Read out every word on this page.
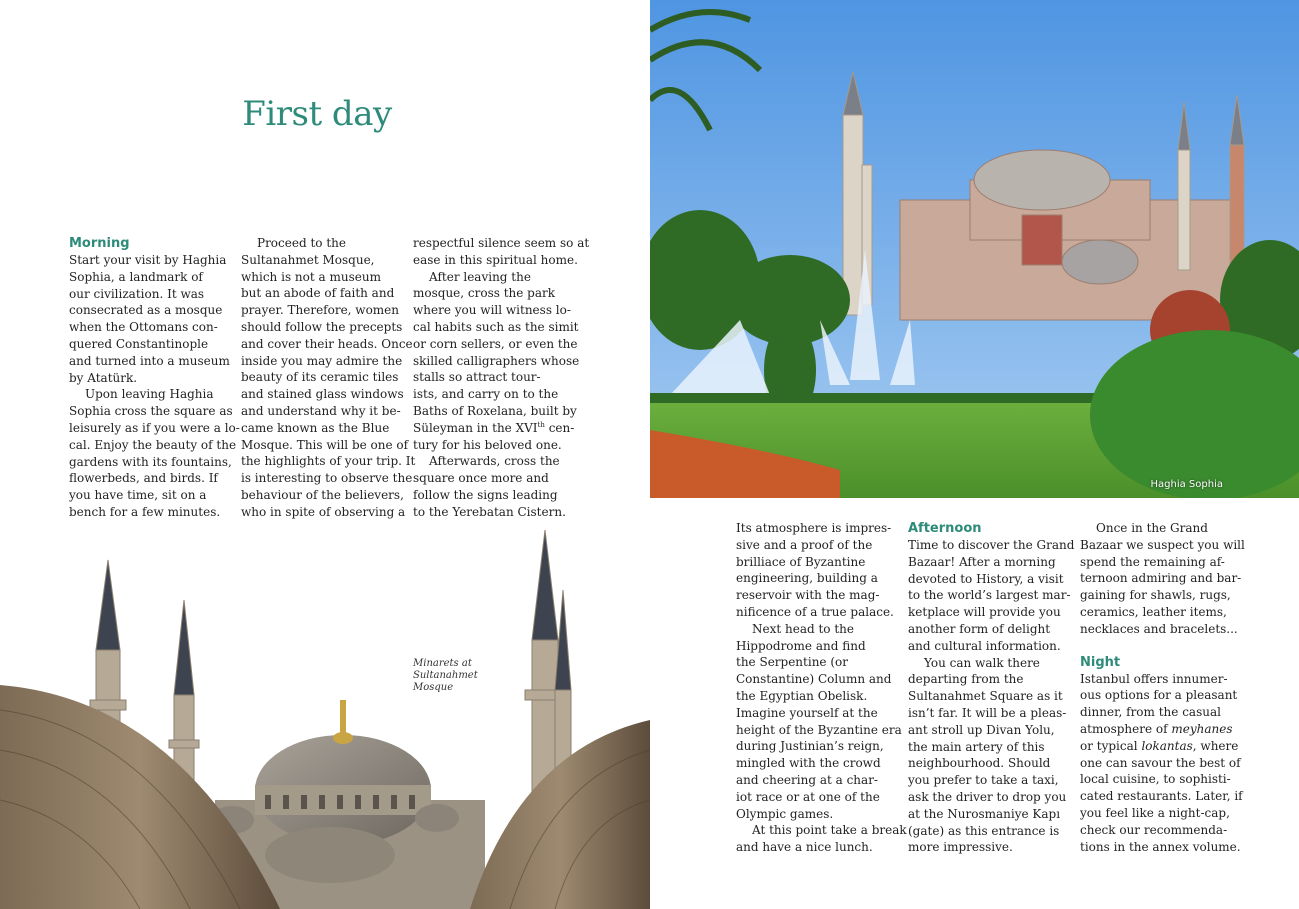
First day
Morning
Start your visit by Haghia
Sophia, a landmark of
our civilization. It was
consecrated as a mosque
when the Ottomans con-
quered Constantinople
and turned into a museum
by Atatürk.
Upon leaving Haghia
Sophia cross the square as
leisurely as if you were a lo-
cal. Enjoy the beauty of the
gardens with its fountains,
flowerbeds, and birds. If
you have time, sit on a
bench for a few minutes.
Proceed to the
Sultanahmet Mosque,
which is not a museum
but an abode of faith and
prayer. Therefore, women
should follow the precepts
and cover their heads. Once
inside you may admire the
beauty of its ceramic tiles
and stained glass windows
and understand why it be-
came known as the Blue
Mosque. This will be one of
the highlights of your trip. It
is interesting to observe the
behaviour of the believers,
who in spite of observing a
respectful silence seem so at
ease in this spiritual home.
After leaving the
mosque, cross the park
where you will witness lo-
cal habits such as the simit
or corn sellers, or even the
skilled calligraphers whose
stalls so attract tour-
ists, and carry on to the
Baths of Roxelana, built by
Süleyman in the XVIth cen-
tury for his beloved one.
Afterwards, cross the
square once more and
follow the signs leading
to the Yerebatan Cistern.
Minarets at
Sultanahmet
Mosque
Haghia Sophia
Its atmosphere is impres-
sive and a proof of the
brilliace of Byzantine
engineering, building a
reservoir with the mag-
nificence of a true palace.
Next head to the
Hippodrome and find
the Serpentine (or
Constantine) Column and
the Egyptian Obelisk.
Imagine yourself at the
height of the Byzantine era
during Justinian’s reign,
mingled with the crowd
and cheering at a char-
iot race or at one of the
Olympic games.
At this point take a break
and have a nice lunch.
Afternoon
Time to discover the Grand
Bazaar! After a morning
devoted to History, a visit
to the world’s largest mar-
ketplace will provide you
another form of delight
and cultural information.
You can walk there
departing from the
Sultanahmet Square as it
isn’t far. It will be a pleas-
ant stroll up Divan Yolu,
the main artery of this
neighbourhood. Should
you prefer to take a taxi,
ask the driver to drop you
at the Nurosmaniye Kapı
(gate) as this entrance is
more impressive.
Once in the Grand
Bazaar we suspect you will
spend the remaining af-
ternoon admiring and bar-
gaining for shawls, rugs,
ceramics, leather items,
necklaces and bracelets...
Night
Istanbul offers innumer-
ous options for a pleasant
dinner, from the casual
atmosphere of meyhanes
or typical lokantas, where
one can savour the best of
local cuisine, to sophisti-
cated restaurants. Later, if
you feel like a night-cap,
check our recommenda-
tions in the annex volume.
